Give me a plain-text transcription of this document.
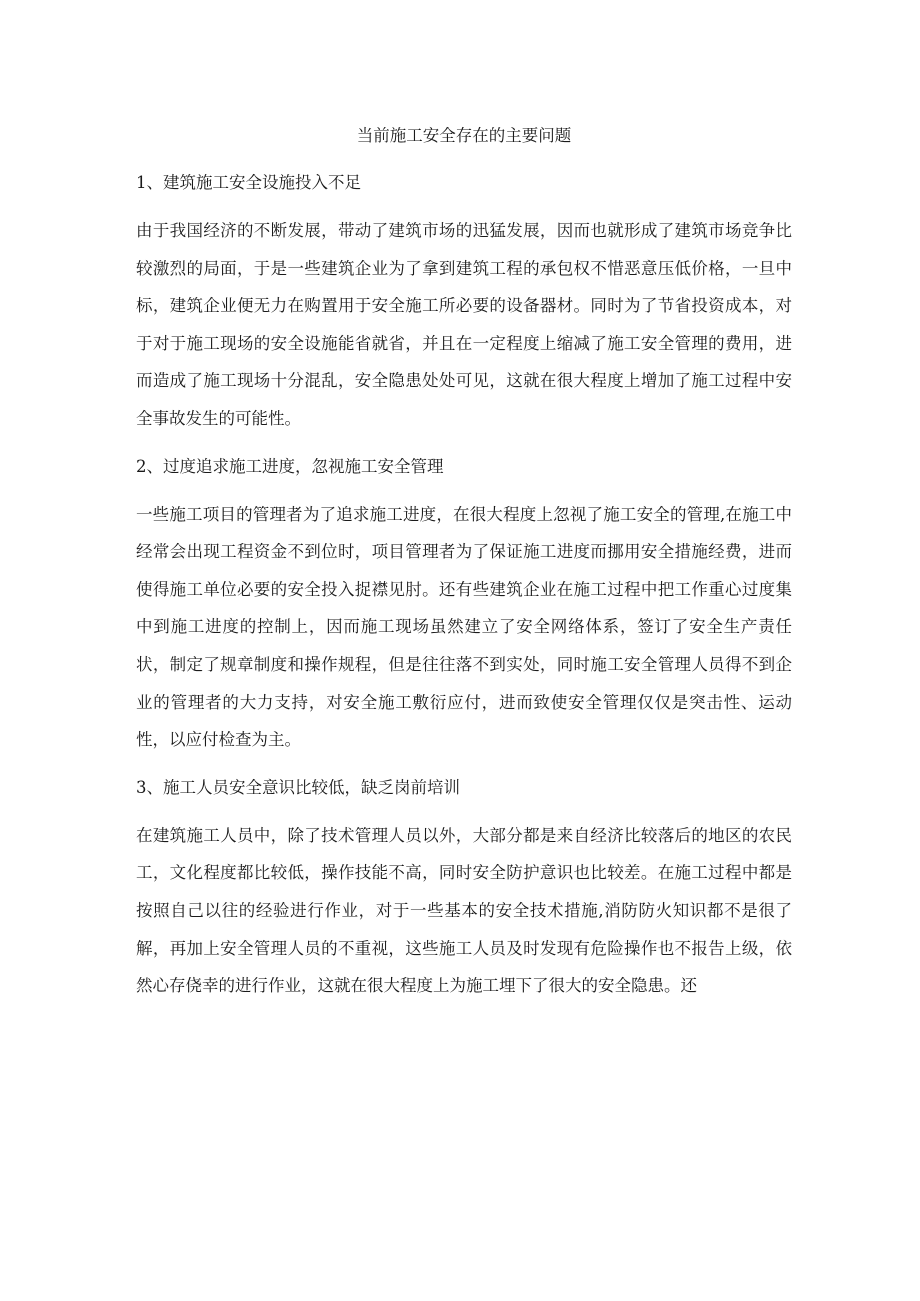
当前施工安全存在的主要问题
1、建筑施工安全设施投入不足
由于我国经济的不断发展，带动了建筑市场的迅猛发展，因而也就形成了建筑市场竞争比较激烈的局面，于是一些建筑企业为了拿到建筑工程的承包权不惜恶意压低价格，一旦中标，建筑企业便无力在购置用于安全施工所必要的设备器材。同时为了节省投资成本，对于对于施工现场的安全设施能省就省，并且在一定程度上缩减了施工安全管理的费用，进而造成了施工现场十分混乱，安全隐患处处可见，这就在很大程度上增加了施工过程中安全事故发生的可能性。
2、过度追求施工进度，忽视施工安全管理
一些施工项目的管理者为了追求施工进度，在很大程度上忽视了施工安全的管理,在施工中经常会出现工程资金不到位时，项目管理者为了保证施工进度而挪用安全措施经费，进而使得施工单位必要的安全投入捉襟见肘。还有些建筑企业在施工过程中把工作重心过度集中到施工进度的控制上，因而施工现场虽然建立了安全网络体系，签订了安全生产责任状，制定了规章制度和操作规程，但是往往落不到实处，同时施工安全管理人员得不到企业的管理者的大力支持，对安全施工敷衍应付，进而致使安全管理仅仅是突击性、运动性，以应付检查为主。
3、施工人员安全意识比较低，缺乏岗前培训
在建筑施工人员中，除了技术管理人员以外，大部分都是来自经济比较落后的地区的农民工，文化程度都比较低，操作技能不高，同时安全防护意识也比较差。在施工过程中都是按照自己以往的经验进行作业，对于一些基本的安全技术措施,消防防火知识都不是很了解，再加上安全管理人员的不重视，这些施工人员及时发现有危险操作也不报告上级，依然心存侥幸的进行作业，这就在很大程度上为施工埋下了很大的安全隐患。还
